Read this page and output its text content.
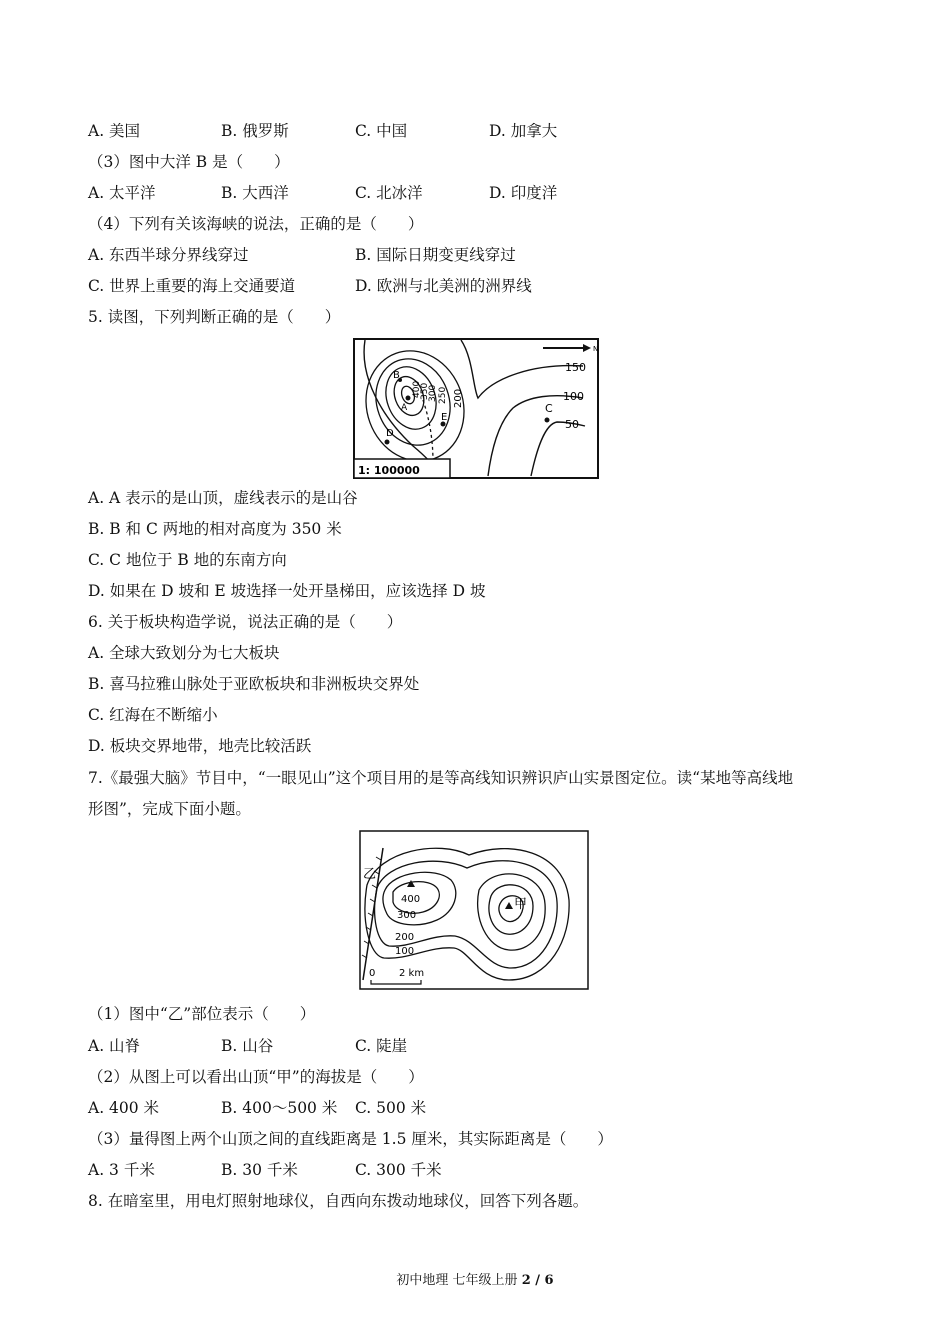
A. 美国	B. 俄罗斯	C. 中国	D. 加拿大
（3）图中大洋 B 是（　　）
A. 太平洋	B. 大西洋	C. 北冰洋	D. 印度洋
（4）下列有关该海峡的说法，正确的是（　　）
A. 东西半球分界线穿过	B. 国际日期变更线穿过
C. 世界上重要的海上交通要道	D. 欧洲与北美洲的洲界线
5. 读图，下列判断正确的是（　　）
N
150
100
50
200
250
300
350
400
A
B
C
D
E
1: 100000
A. A 表示的是山顶，虚线表示的是山谷
B. B 和 C 两地的相对高度为 350 米
C. C 地位于 B 地的东南方向
D. 如果在 D 坡和 E 坡选择一处开垦梯田，应该选择 D 坡
6. 关于板块构造学说，说法正确的是（　　）
A. 全球大致划分为七大板块
B. 喜马拉雅山脉处于亚欧板块和非洲板块交界处
C. 红海在不断缩小
D. 板块交界地带，地壳比较活跃
7.《最强大脑》节目中，“一眼见山”这个项目用的是等高线知识辨识庐山实景图定位。读“某地等高线地
形图”，完成下面小题。
乙
400
300
200
100
甲
0 2 km
（1）图中“乙”部位表示（　　）
A. 山脊	B. 山谷	C. 陡崖
（2）从图上可以看出山顶“甲”的海拔是（　　）
A. 400 米	B. 400～500 米 C. 500 米
（3）量得图上两个山顶之间的直线距离是 1.5 厘米，其实际距离是（　　）
A. 3 千米	B. 30 千米	C. 300 千米
8. 在暗室里，用电灯照射地球仪，自西向东拨动地球仪，回答下列各题。
初中地理 七年级上册 2 / 6
